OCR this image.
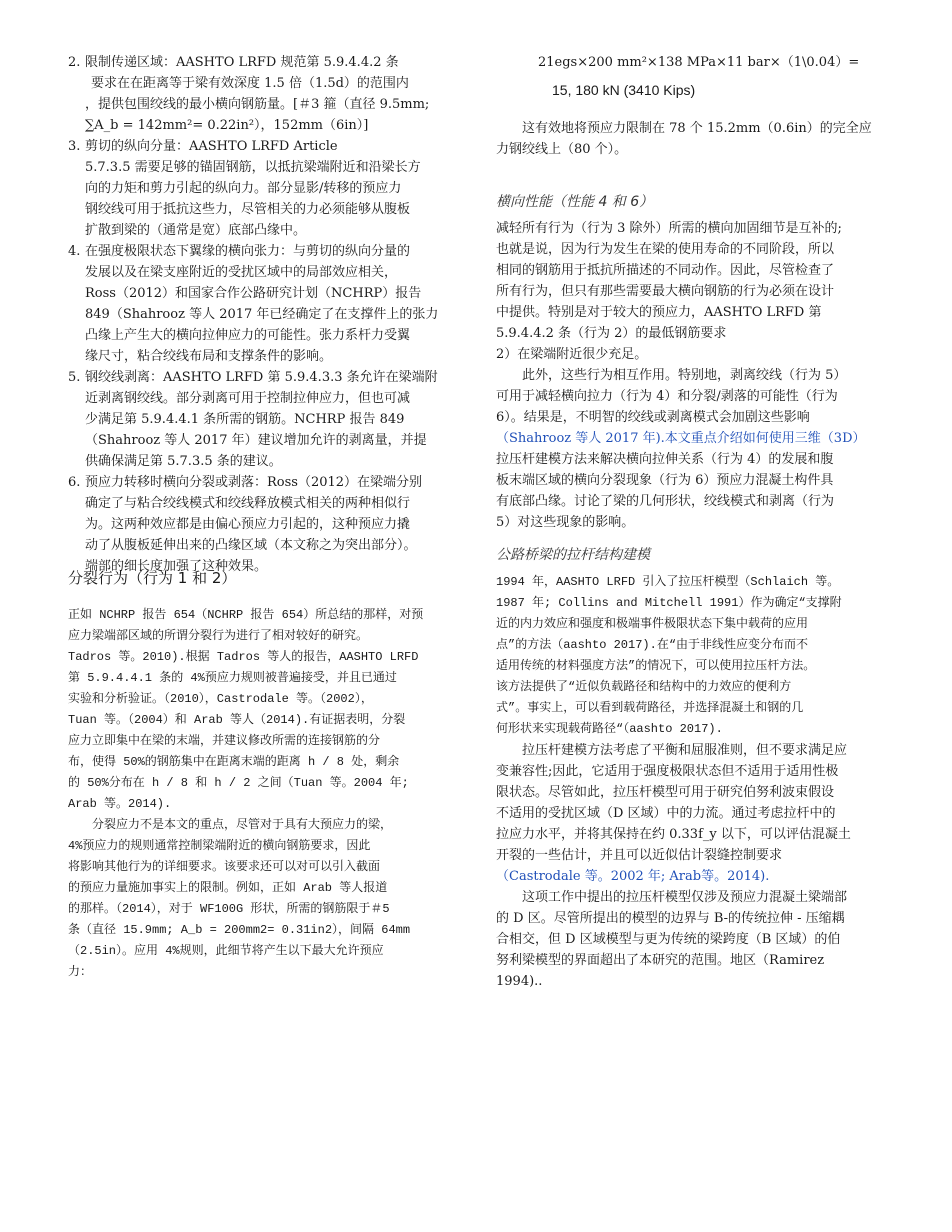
2. 限制传递区域：AASHTO LRFD 规范第 5.9.4.4.2 条
要求在在距离等于梁有效深度 1.5 倍（1.5d）的范围内
，提供包围绞线的最小横向钢筋量。[＃3 箍（直径 9.5mm;
∑A_b = 142mm²= 0.22in²），152mm（6in）]
3. 剪切的纵向分量：AASHTO LRFD Article
5.7.3.5 需要足够的锚固钢筋，以抵抗梁端附近和沿梁长方
向的力矩和剪力引起的纵向力。部分显影/转移的预应力
钢绞线可用于抵抗这些力，尽管相关的力必须能够从腹板
扩散到梁的（通常是宽）底部凸缘中。
4. 在强度极限状态下翼缘的横向张力：与剪切的纵向分量的
发展以及在梁支座附近的受扰区域中的局部效应相关，
Ross（2012）和国家合作公路研究计划（NCHRP）报告
849（Shahrooz 等人 2017 年已经确定了在支撑件上的张力
凸缘上产生大的横向拉伸应力的可能性。张力系杆力受翼
缘尺寸，粘合绞线布局和支撑条件的影响。
5. 钢绞线剥离：AASHTO LRFD 第 5.9.4.3.3 条允许在梁端附
近剥离钢绞线。部分剥离可用于控制拉伸应力，但也可减
少满足第 5.9.4.4.1 条所需的钢筋。NCHRP 报告 849
（Shahrooz 等人 2017 年）建议增加允许的剥离量，并提
供确保满足第 5.7.3.5 条的建议。
6. 预应力转移时横向分裂或剥落：Ross（2012）在梁端分别
确定了与粘合绞线模式和绞线释放模式相关的两种相似行
为。这两种效应都是由偏心预应力引起的，这种预应力撬
动了从腹板延伸出来的凸缘区域（本文称之为突出部分）。
端部的细长度加强了这种效果。
分裂行为（行为 1 和 2）
正如 NCHRP 报告 654（NCHRP 报告 654）所总结的那样，对预
应力梁端部区域的所谓分裂行为进行了相对较好的研究。
Tadros 等。2010).根据 Tadros 等人的报告，AASHTO LRFD
第 5.9.4.4.1 条的 4%预应力规则被普遍接受，并且已通过
实验和分析验证。（2010），Castrodale 等。（2002），
Tuan 等。（2004）和 Arab 等人（2014).有证据表明，分裂
应力立即集中在梁的末端，并建议修改所需的连接钢筋的分
布，使得 50%的钢筋集中在距离末端的距离 h / 8 处，剩余
的 50%分布在 h / 8 和 h / 2 之间（Tuan 等。2004 年;
Arab 等。2014).
分裂应力不是本文的重点，尽管对于具有大预应力的梁，
4%预应力的规则通常控制梁端附近的横向钢筋要求，因此
将影响其他行为的详细要求。该要求还可以对可以引入截面
的预应力量施加事实上的限制。例如，正如 Arab 等人报道
的那样。（2014），对于 WF100G 形状，所需的钢筋限于＃5
条（直径 15.9mm; A_b = 200mm2= 0.31in2），间隔 64mm
（2.5in）。应用 4%规则，此细节将产生以下最大允许预应
力：
21egs×200 mm²×138 MPa×11 bar×（1\0.04）=
15, 180 kN (3410 Kips)
这有效地将预应力限制在 78 个 15.2mm（0.6in）的完全应
力钢绞线上（80 个）。
横向性能（性能 4 和 6）
减轻所有行为（行为 3 除外）所需的横向加固细节是互补的;
也就是说，因为行为发生在梁的使用寿命的不同阶段，所以
相同的钢筋用于抵抗所描述的不同动作。因此，尽管检查了
所有行为，但只有那些需要最大横向钢筋的行为必须在设计
中提供。特别是对于较大的预应力，AASHTO LRFD 第
5.9.4.4.2 条（行为 2）的最低钢筋要求
2）在梁端附近很少充足。
此外，这些行为相互作用。特别地，剥离绞线（行为 5）
可用于减轻横向拉力（行为 4）和分裂/剥落的可能性（行为
6）。结果是，不明智的绞线或剥离模式会加剧这些影响
（Shahrooz 等人 2017 年).本文重点介绍如何使用三维（3D）
拉压杆建模方法来解决横向拉伸关系（行为 4）的发展和腹
板末端区域的横向分裂现象（行为 6）预应力混凝土构件具
有底部凸缘。讨论了梁的几何形状，绞线模式和剥离（行为
5）对这些现象的影响。
公路桥梁的拉杆结构建模
1994 年，AASHTO LRFD 引入了拉压杆模型（Schlaich 等。
1987 年; Collins and Mitchell 1991）作为确定“支撑附
近的内力效应和强度和极端事件极限状态下集中载荷的应用
点”的方法（aashto 2017).在“由于非线性应变分布而不
适用传统的材料强度方法”的情况下，可以使用拉压杆方法。
该方法提供了“近似负载路径和结构中的力效应的便利方
式”。事实上，可以看到载荷路径，并选择混凝土和钢的几
何形状来实现载荷路径“（aashto 2017).
拉压杆建模方法考虑了平衡和屈服准则，但不要求满足应
变兼容性;因此，它适用于强度极限状态但不适用于适用性极
限状态。尽管如此，拉压杆模型可用于研究伯努利波束假设
不适用的受扰区域（D 区域）中的力流。通过考虑拉杆中的
拉应力水平，并将其保持在约 0.33f_y 以下，可以评估混凝土
开裂的一些估计，并且可以近似估计裂缝控制要求
（Castrodale 等。2002 年; Arab等。2014).
这项工作中提出的拉压杆模型仅涉及预应力混凝土梁端部
的 D 区。尽管所提出的模型的边界与 B-的传统拉伸 - 压缩耦
合相交，但 D 区域模型与更为传统的梁跨度（B 区域）的伯
努利梁模型的界面超出了本研究的范围。地区（Ramirez
1994)..
